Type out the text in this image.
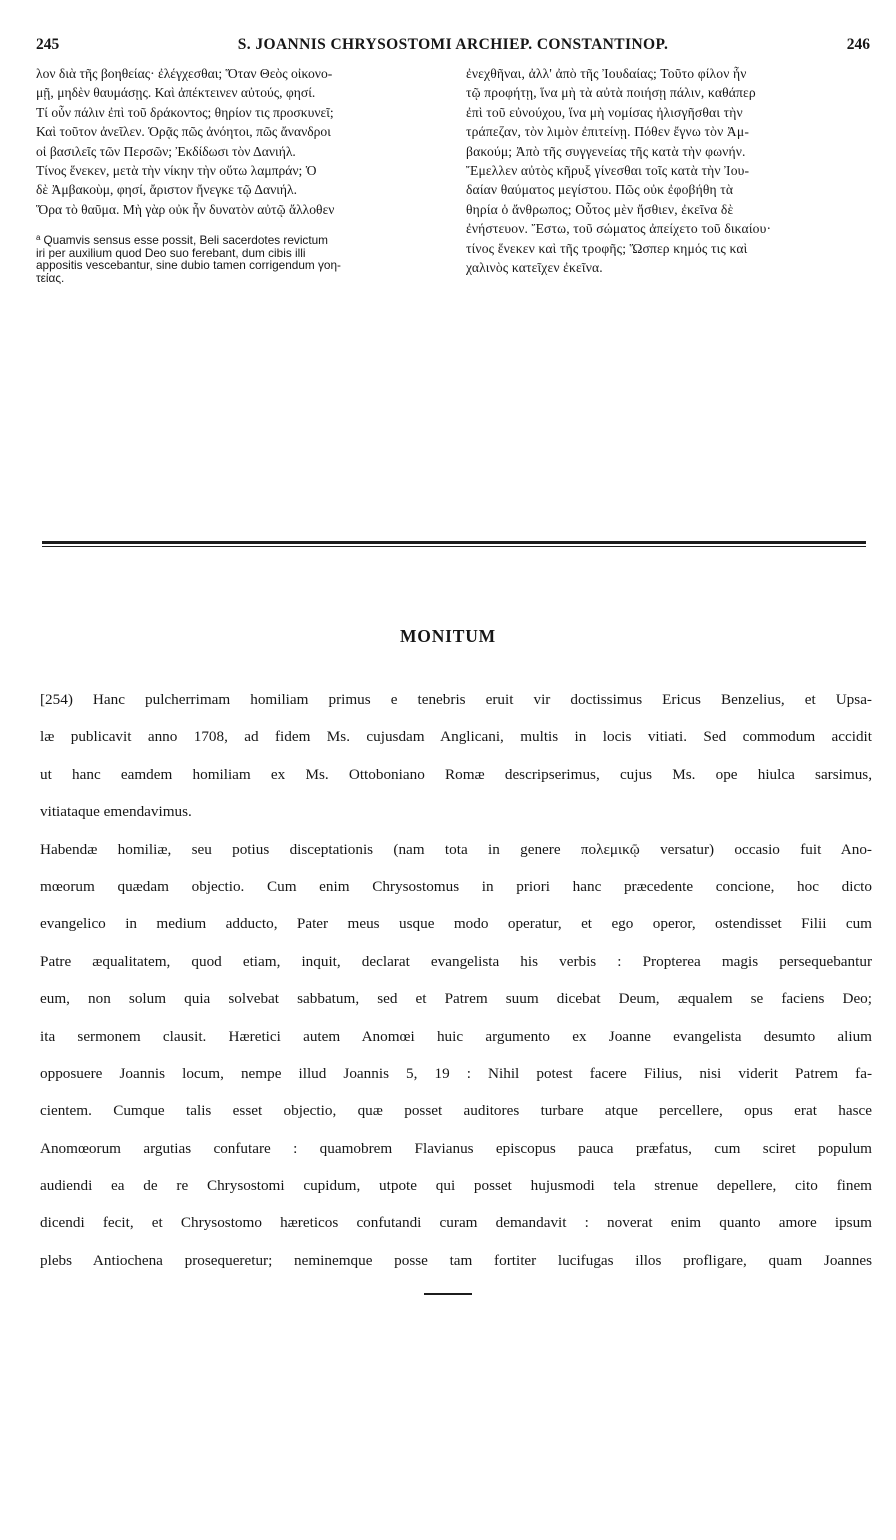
245	S. JOANNIS CHRYSOSTOMI ARCHIEP. CONSTANTINOP.	246
λον διὰ τῆς βοηθείας· ἐλέγχεσθαι; Ὅταν Θεὸς οἰκονο-
μῇ, μηδὲν θαυμάσῃς. Καὶ ἀπέκτεινεν αὐτούς, φησί.
Τί οὖν πάλιν ἐπὶ τοῦ δράκοντος; θηρίον τις προσκυνεῖ;
Καὶ τοῦτον ἀνεῖλεν. Ὁρᾷς πῶς ἀνόητοι, πῶς ἄνανδροι
οἱ βασιλεῖς τῶν Περσῶν; Ἐκδίδωσι τὸν Δανιήλ.
Τίνος ἕνεκεν, μετὰ τὴν νίκην τὴν οὕτω λαμπράν; Ὁ
δὲ Ἀμβακοὺμ, φησί, ἄριστον ἤνεγκε τῷ Δανιήλ.
Ὅρα τὸ θαῦμα. Μὴ γὰρ οὐκ ἦν δυνατὸν αὐτῷ ἄλλοθεν
$^a$ Quamvis sensus esse possit, Beli sacerdotes revictum
iri per auxilium quod Deo suo ferebant, dum cibis illi
appositis vescebantur, sine dubio tamen corrigendum γοη-
τείας.
ἐνεχθῆναι, ἀλλ' ἀπὸ τῆς Ἰουδαίας; Τοῦτο φίλον ἦν
τῷ προφήτῃ, ἵνα μὴ τὰ αὐτὰ ποιήσῃ πάλιν, καθάπερ
ἐπὶ τοῦ εὐνούχου, ἵνα μὴ νομίσας ἠλισγῆσθαι τὴν
τράπεζαν, τὸν λιμὸν ἐπιτείνῃ. Πόθεν ἔγνω τὸν Ἀμ-
βακούμ; Ἀπὸ τῆς συγγενείας τῆς κατὰ τὴν φωνήν.
Ἔμελλεν αὐτὸς κῆρυξ γίνεσθαι τοῖς κατὰ τὴν Ἰου-
δαίαν θαύματος μεγίστου. Πῶς οὐκ ἐφοβήθη τὰ
θηρία ὁ ἄνθρωπος; Οὗτος μὲν ἤσθιεν, ἐκεῖνα δὲ
ἐνήστευον. Ἔστω, τοῦ σώματος ἀπείχετο τοῦ δικαίου·
τίνος ἕνεκεν καὶ τῆς τροφῆς; Ὥσπερ κημός τις καὶ
χαλινὸς κατεῖχεν ἐκεῖνα.
MONITUM
[254) Hanc pulcherrimam homiliam primus e tenebris eruit vir doctissimus Ericus Benzelius, et Upsa-
læ publicavit anno 1708, ad fidem Ms. cujusdam Anglicani, multis in locis vitiati. Sed commodum accidit
ut hanc eamdem homiliam ex Ms. Ottoboniano Romæ descripserimus, cujus Ms. ope hiulca sarsimus,
vitiataque emendavimus.
Habendæ homiliæ, seu potius disceptationis (nam tota in genere πολεμικῷ versatur) occasio fuit Ano-
mœorum quædam objectio. Cum enim Chrysostomus in priori hanc præcedente concione, hoc dicto
evangelico in medium adducto, Pater meus usque modo operatur, et ego operor, ostendisset Filii cum
Patre æqualitatem, quod etiam, inquit, declarat evangelista his verbis : Propterea magis persequebantur
eum, non solum quia solvebat sabbatum, sed et Patrem suum dicebat Deum, æqualem se faciens Deo;
ita sermonem clausit. Hæretici autem Anomœi huic argumento ex Joanne evangelista desumto alium
opposuere Joannis locum, nempe illud Joannis 5, 19 : Nihil potest facere Filius, nisi viderit Patrem fa-
cientem. Cumque talis esset objectio, quæ posset auditores turbare atque percellere, opus erat hasce
Anomœorum argutias confutare : quamobrem Flavianus episcopus pauca præfatus, cum sciret populum
audiendi ea de re Chrysostomi cupidum, utpote qui posset hujusmodi tela strenue depellere, cito finem
dicendi fecit, et Chrysostomo hæreticos confutandi curam demandavit : noverat enim quanto amore ipsum
plebs Antiochena prosequeretur; neminemque posse tam fortiter lucifugas illos profligare, quam Joannes
